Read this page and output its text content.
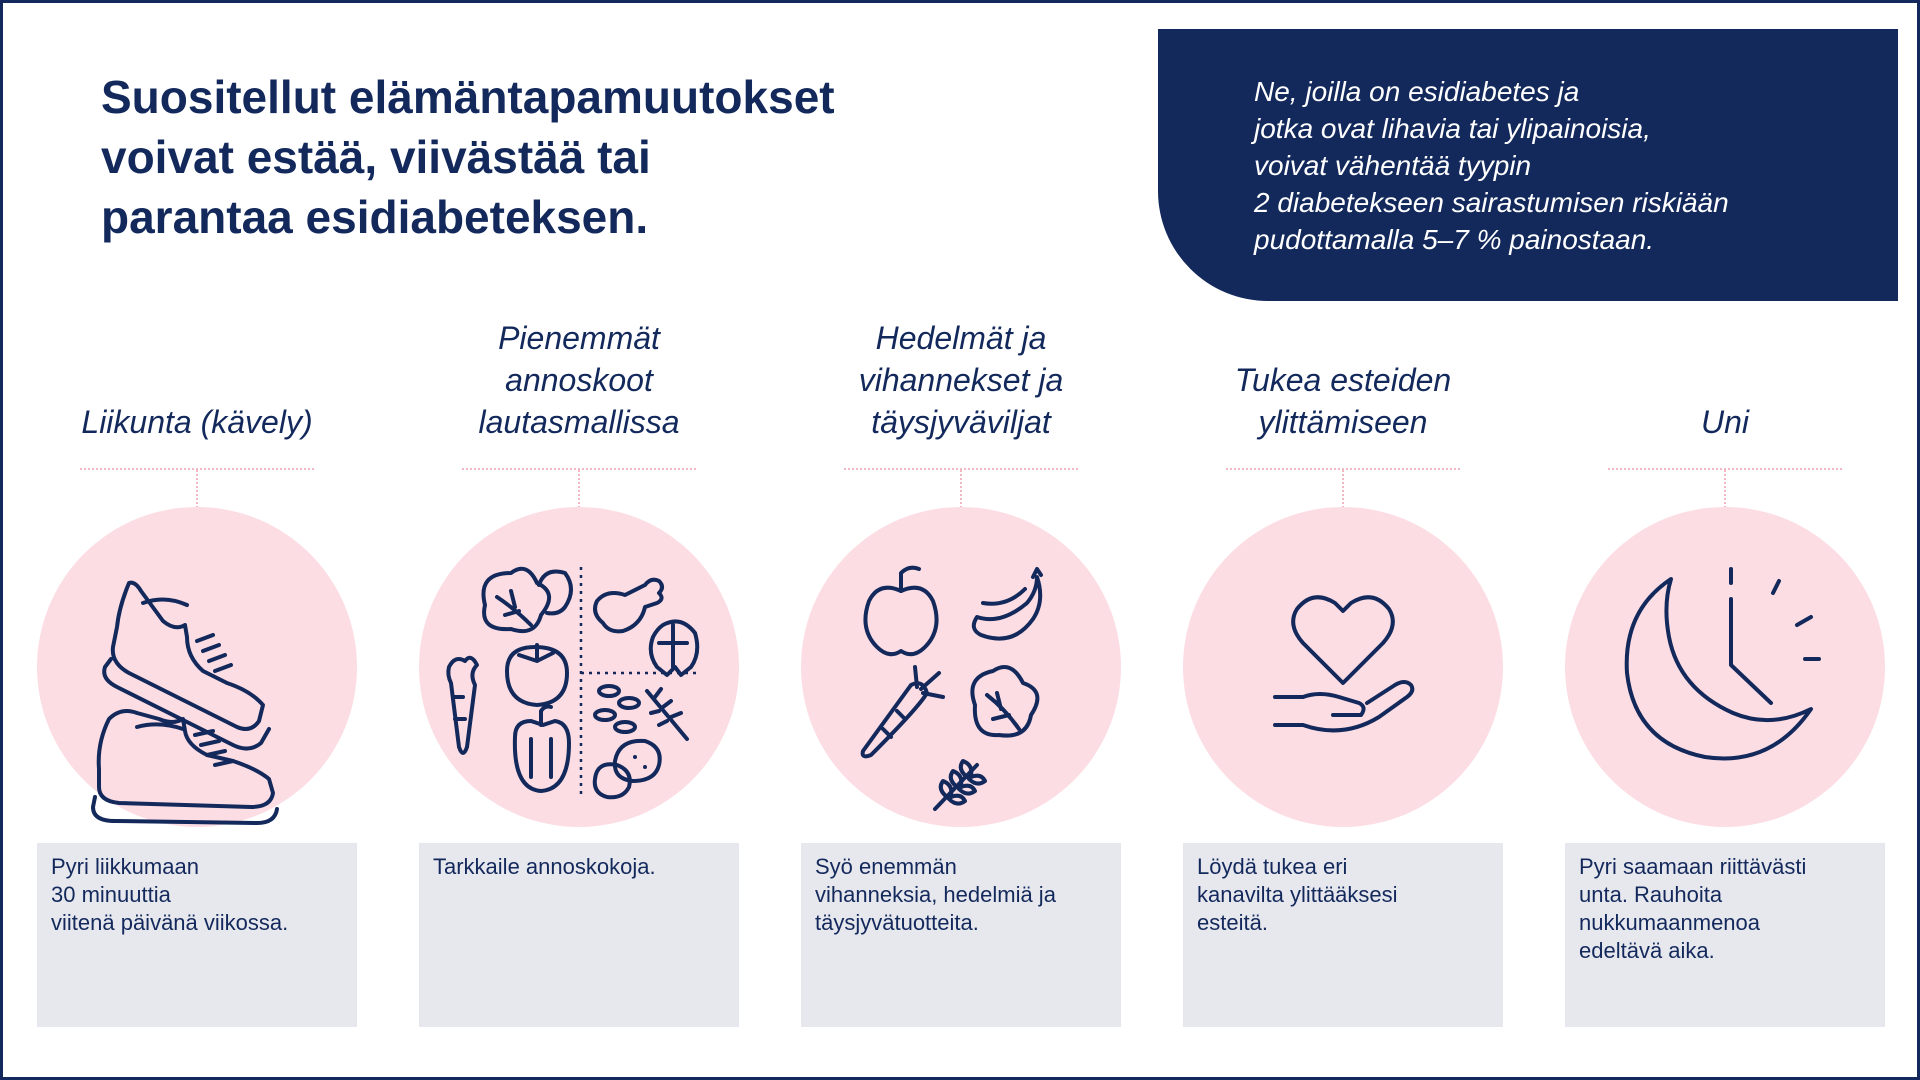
Suositellut elämäntapamuutokset
voivat estää, viivästää tai
parantaa esidiabeteksen.
Ne, joilla on esidiabetes ja
jotka ovat lihavia tai ylipainoisia,
voivat vähentää tyypin
2 diabetekseen sairastumisen riskiään
pudottamalla 5–7 % painostaan.
Liikunta (kävely)
Pyri liikkumaan
30 minuuttia
viitenä päivänä viikossa.
Pienemmät
annoskoot
lautasmallissa
Tarkkaile annoskokoja.
Hedelmät ja
vihannekset ja
täysjyväviljat
Syö enemmän
vihanneksia, hedelmiä ja
täysjyvätuotteita.
Tukea esteiden
ylittämiseen
Löydä tukea eri
kanavilta ylittääksesi
esteitä.
Uni
Pyri saamaan riittävästi
unta. Rauhoita
nukkumaanmenoa
edeltävä aika.
